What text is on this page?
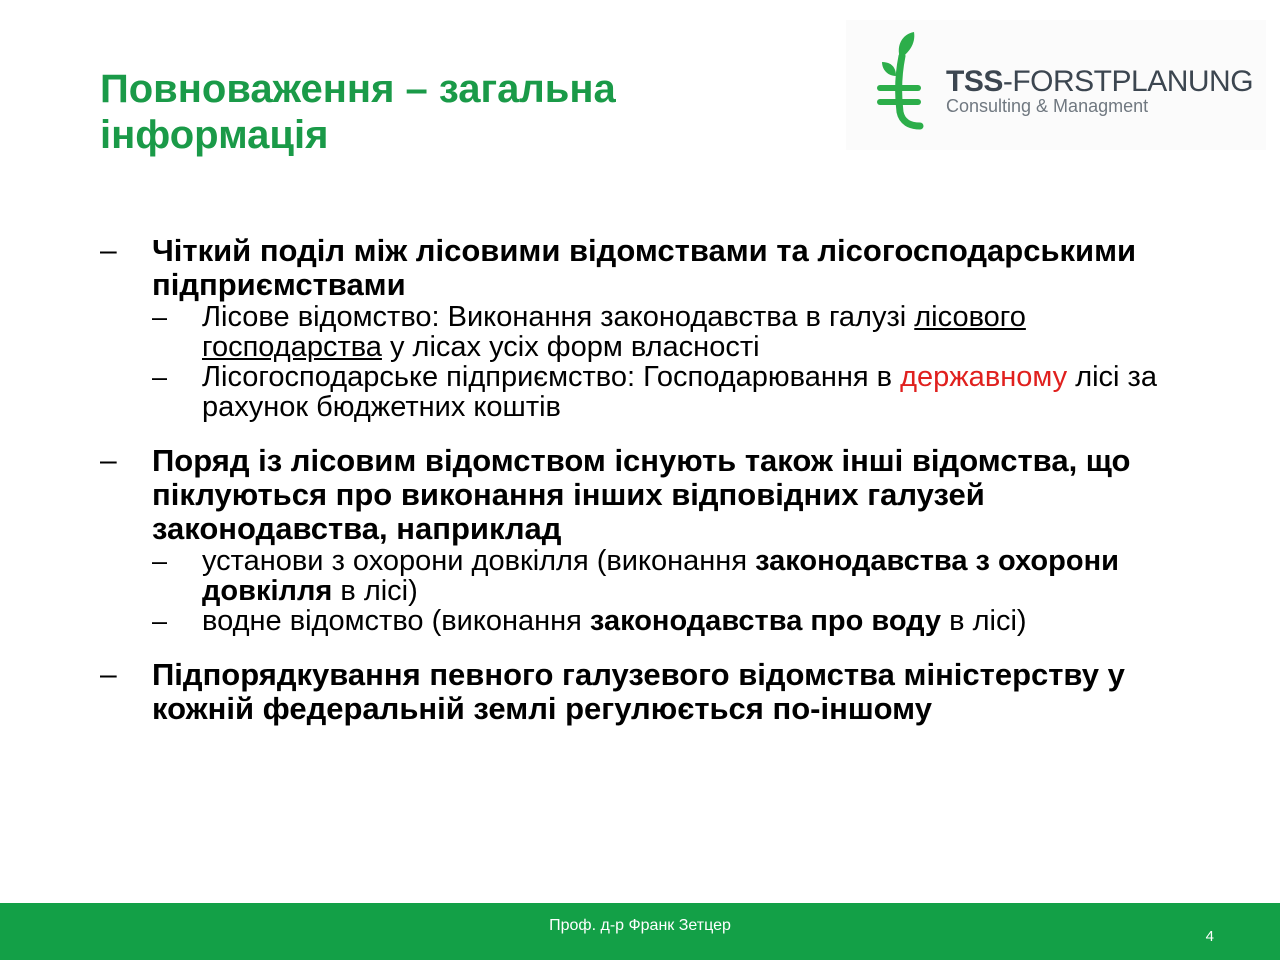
Повноваження – загальна інформація
TSS-FORSTPLANUNG
Consulting & Managment
– Чіткий поділ між лісовими відомствами та лісогосподарськими підприємствами
– Лісове відомство: Виконання законодавства в галузі лісового господарства у лісах усіх форм власності
– Лісогосподарське підприємство: Господарювання в державному лісі за рахунок бюджетних коштів
– Поряд із лісовим відомством існують також інші відомства, що піклуються про виконання інших відповідних галузей законодавства, наприклад
– установи з охорони довкілля (виконання законодавства з охорони довкілля в лісі)
– водне відомство (виконання законодавства про воду в лісі)
– Підпорядкування певного галузевого відомства міністерству у кожній федеральній землі регулюється по-іншому
Проф. д-р Франк Зетцер
4
